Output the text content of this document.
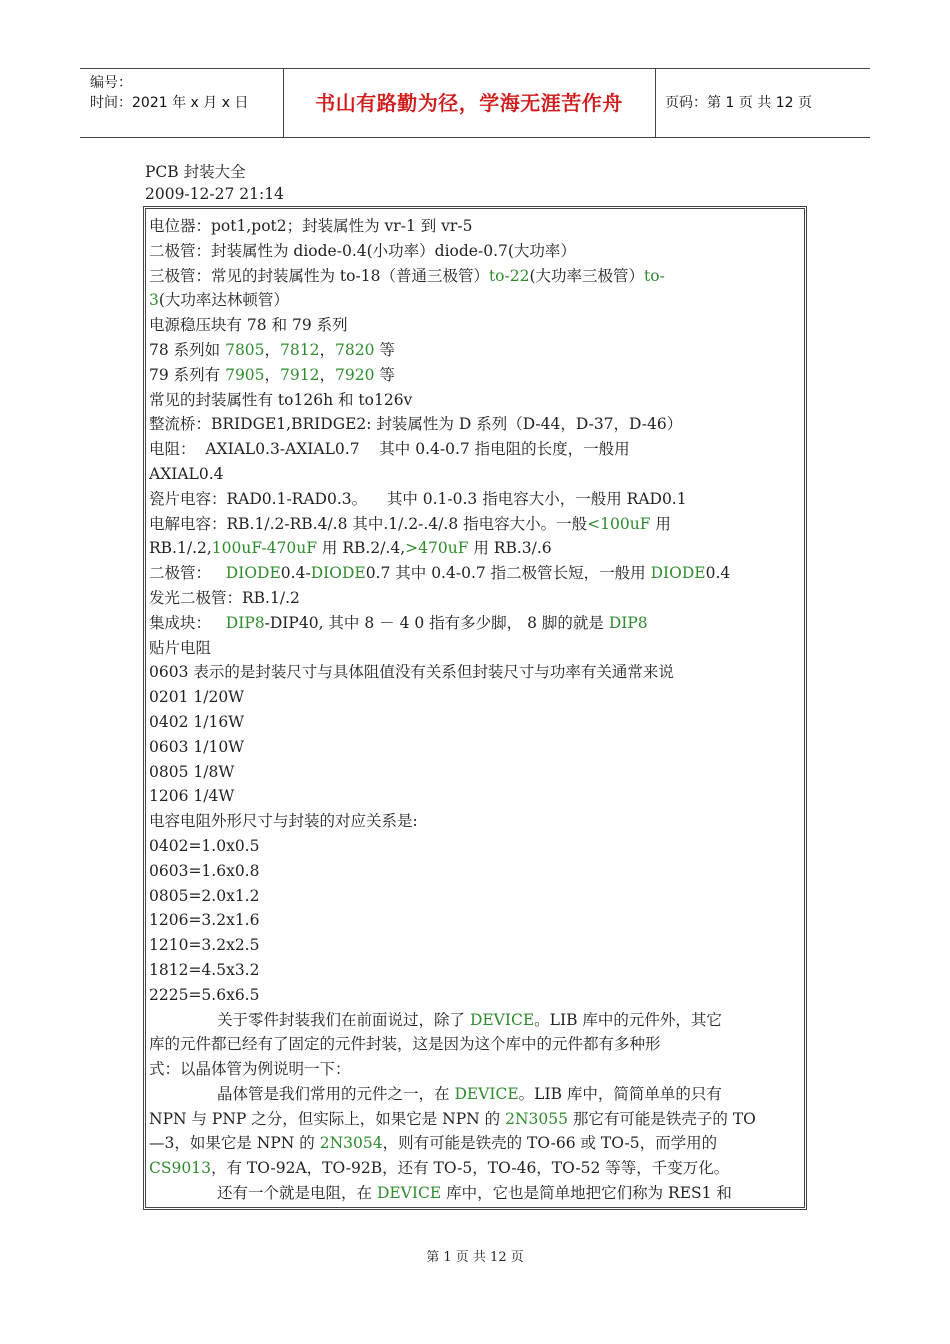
编号：
时间：2021 年 x 月 x 日	书山有路勤为径，学海无涯苦作舟	页码：第 1 页 共 12 页
PCB 封装大全
2009-12-27 21:14
电位器：pot1,pot2；封装属性为 vr-1 到 vr-5
二极管：封装属性为 diode-0.4(小功率）diode-0.7(大功率）
三极管：常见的封装属性为 to-18（普通三极管）to-22(大功率三极管）to-
3(大功率达林顿管）
电源稳压块有 78 和 79 系列
78 系列如 7805，7812，7820 等
79 系列有 7905，7912，7920 等
常见的封装属性有 to126h 和 to126v
整流桥：BRIDGE1,BRIDGE2: 封装属性为 D 系列（D-44，D-37，D-46）
电阻：  AXIAL0.3-AXIAL0.7    其中 0.4-0.7 指电阻的长度，一般用
AXIAL0.4
瓷片电容：RAD0.1-RAD0.3。    其中 0.1-0.3 指电容大小，一般用 RAD0.1
电解电容：RB.1/.2-RB.4/.8 其中.1/.2-.4/.8 指电容大小。一般<100uF 用
RB.1/.2,100uF-470uF 用 RB.2/.4,>470uF 用 RB.3/.6
二极管：   DIODE0.4-DIODE0.7 其中 0.4-0.7 指二极管长短，一般用 DIODE0.4
发光二极管：RB.1/.2
集成块：   DIP8-DIP40, 其中 8 － 4 0 指有多少脚， 8 脚的就是 DIP8
贴片电阻
0603 表示的是封装尺寸与具体阻值没有关系但封装尺寸与功率有关通常来说
0201 1/20W
0402 1/16W
0603 1/10W
0805 1/8W
1206 1/4W
电容电阻外形尺寸与封装的对应关系是:
0402=1.0x0.5
0603=1.6x0.8
0805=2.0x1.2
1206=3.2x1.6
1210=3.2x2.5
1812=4.5x3.2
2225=5.6x6.5
关于零件封装我们在前面说过，除了 DEVICE。LIB 库中的元件外，其它
库的元件都已经有了固定的元件封装，这是因为这个库中的元件都有多种形
式：以晶体管为例说明一下：
晶体管是我们常用的元件之一，在 DEVICE。LIB 库中，简简单单的只有
NPN 与 PNP 之分，但实际上，如果它是 NPN 的 2N3055 那它有可能是铁壳子的 TO
—3，如果它是 NPN 的 2N3054，则有可能是铁壳的 TO-66 或 TO-5，而学用的
CS9013，有 TO-92A，TO-92B，还有 TO-5，TO-46，TO-52 等等，千变万化。
还有一个就是电阻，在 DEVICE 库中，它也是简单地把它们称为 RES1 和
第 1 页 共 12 页
